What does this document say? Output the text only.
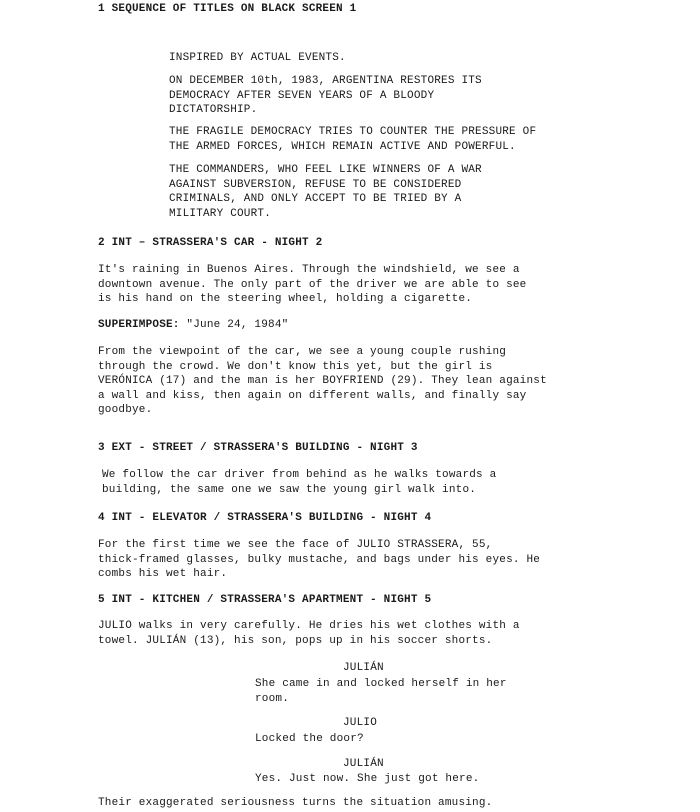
1 SEQUENCE OF TITLES ON BLACK SCREEN 1

INSPIRED BY ACTUAL EVENTS.

ON DECEMBER 10th, 1983, ARGENTINA RESTORES ITS
DEMOCRACY AFTER SEVEN YEARS OF A BLOODY
DICTATORSHIP.

THE FRAGILE DEMOCRACY TRIES TO COUNTER THE PRESSURE OF
THE ARMED FORCES, WHICH REMAIN ACTIVE AND POWERFUL.

THE COMMANDERS, WHO FEEL LIKE WINNERS OF A WAR
AGAINST SUBVERSION, REFUSE TO BE CONSIDERED
CRIMINALS, AND ONLY ACCEPT TO BE TRIED BY A
MILITARY COURT.

2 INT – STRASSERA'S CAR - NIGHT 2

It's raining in Buenos Aires. Through the windshield, we see a
downtown avenue. The only part of the driver we are able to see
is his hand on the steering wheel, holding a cigarette.

SUPERIMPOSE: "June 24, 1984"

From the viewpoint of the car, we see a young couple rushing
through the crowd. We don't know this yet, but the girl is
VERÓNICA (17) and the man is her BOYFRIEND (29). They lean against
a wall and kiss, then again on different walls, and finally say
goodbye.

3 EXT - STREET / STRASSERA'S BUILDING - NIGHT 3

We follow the car driver from behind as he walks towards a
building, the same one we saw the young girl walk into.

4 INT - ELEVATOR / STRASSERA'S BUILDING - NIGHT 4

For the first time we see the face of JULIO STRASSERA, 55,
thick-framed glasses, bulky mustache, and bags under his eyes. He
combs his wet hair.

5 INT - KITCHEN / STRASSERA'S APARTMENT - NIGHT 5

JULIO walks in very carefully. He dries his wet clothes with a
towel. JULIÁN (13), his son, pops up in his soccer shorts.

JULIÁN

She came in and locked herself in her
room.

JULIO

Locked the door?

JULIÁN

Yes. Just now. She just got here.

Their exaggerated seriousness turns the situation amusing.
